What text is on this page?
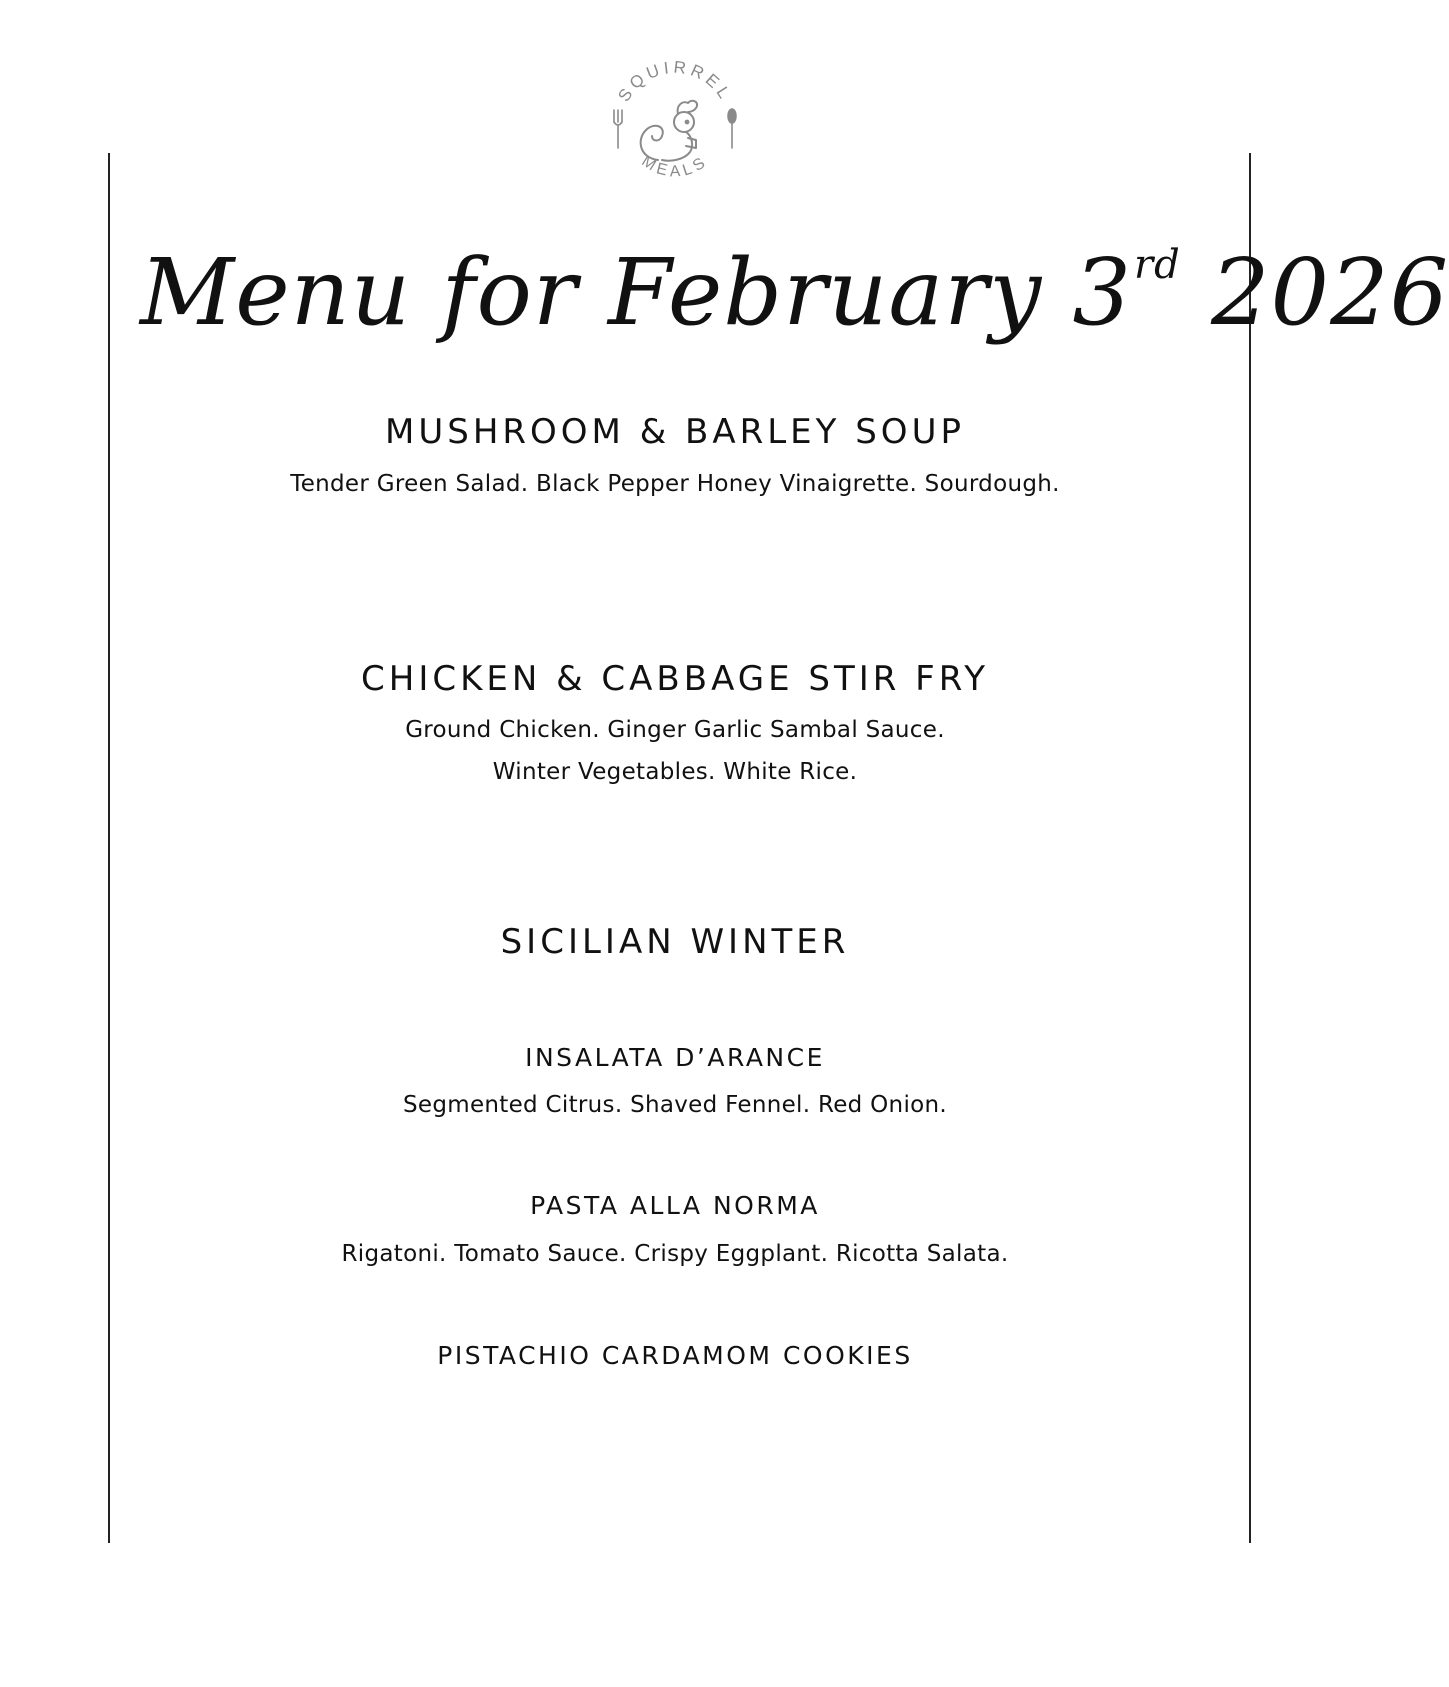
SQUIRREL
MEALS
Menu for February 3rd 2026
MUSHROOM & BARLEY SOUP
Tender Green Salad. Black Pepper Honey Vinaigrette. Sourdough.
CHICKEN & CABBAGE STIR FRY
Ground Chicken. Ginger Garlic Sambal Sauce.
Winter Vegetables. White Rice.
SICILIAN WINTER
INSALATA D’ARANCE
Segmented Citrus. Shaved Fennel. Red Onion.
PASTA ALLA NORMA
Rigatoni. Tomato Sauce. Crispy Eggplant. Ricotta Salata.
PISTACHIO CARDAMOM COOKIES
